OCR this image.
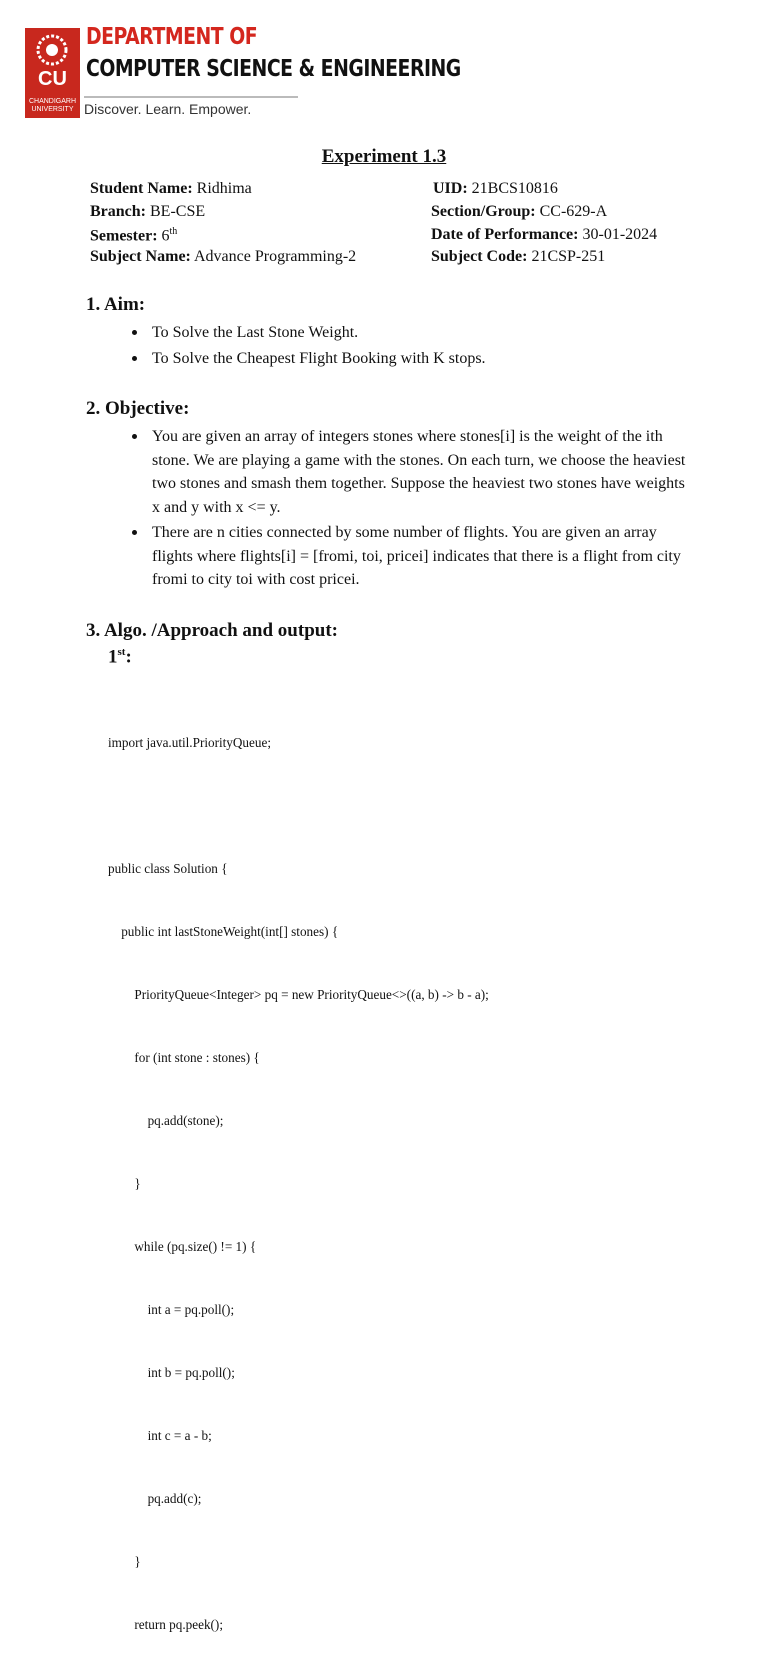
CU
CHANDIGARH UNIVERSITY
DEPARTMENT OF
COMPUTER SCIENCE & ENGINEERING
Discover. Learn. Empower.
Experiment 1.3
Student Name: Ridhima	UID: 21BCS10816
Branch: BE-CSE	Section/Group: CC-629-A
Semester: 6th	Date of Performance: 30-01-2024
Subject Name: Advance Programming-2	Subject Code: 21CSP-251
1. Aim:
To Solve the Last Stone Weight.
To Solve the Cheapest Flight Booking with K stops.
2. Objective:
You are given an array of integers stones where stones[i] is the weight of the ith stone. We are playing a game with the stones. On each turn, we choose the heaviest two stones and smash them together. Suppose the heaviest two stones have weights x and y with x <= y.
There are n cities connected by some number of flights. You are given an array flights where flights[i] = [fromi, toi, pricei] indicates that there is a flight from city fromi to city toi with cost pricei.
3. Algo. /Approach and output:
1st:

import java.util.PriorityQueue;

public class Solution {

public int lastStoneWeight(int[] stones) {

PriorityQueue<Integer> pq = new PriorityQueue<>((a, b) -> b - a);

for (int stone : stones) {

pq.add(stone);

}

while (pq.size() != 1) {

int a = pq.poll();

int b = pq.poll();

int c = a - b;

pq.add(c);

}

return pq.peek();
